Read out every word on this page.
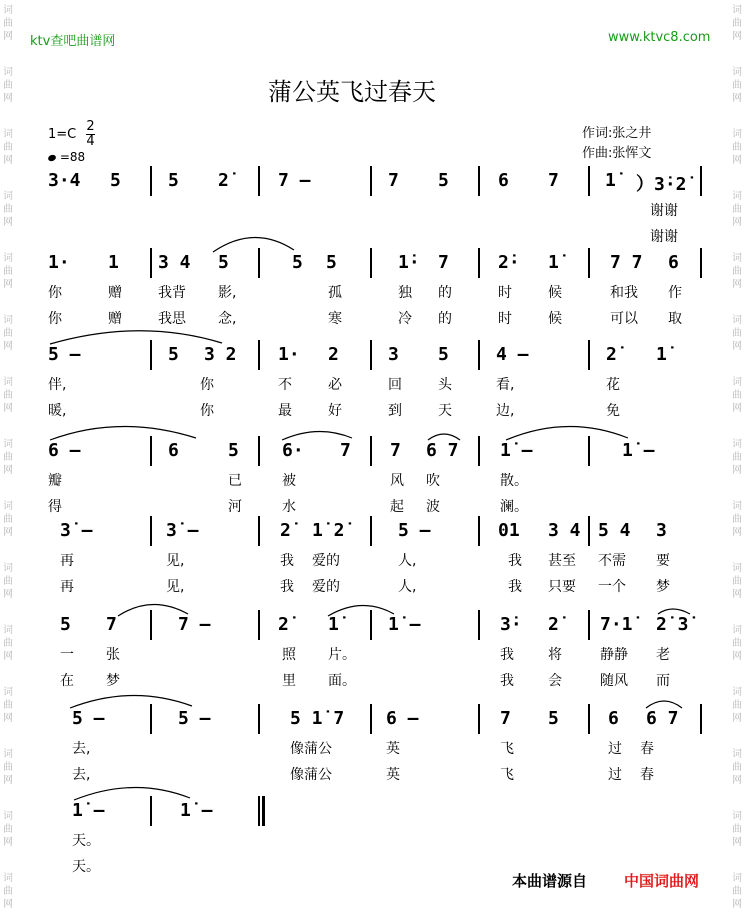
ktv查吧曲谱网	www.ktvc8.com
蒲公英飞过春天
$1=C \frac{2}{4}$
=88
作词:张之井
作曲:张恽文
词曲网
词曲网
词曲网
词曲网
词曲网
词曲网
词曲网
词曲网
词曲网
词曲网
词曲网
词曲网
词曲网
词曲网
词曲网
词曲网
词曲网
词曲网
词曲网
词曲网
词曲网
词曲网
词曲网
词曲网
词曲网
词曲网
词曲网
词曲网
词曲网
词曲网
3·4 5	5 2̇	7 –	7 5	6 7	1̇ ）3̇·2̇
谢谢
谢谢
1· 1 3 4 5	5 5	1̇· 7	2̇· 1̇	7 7 6
你	赠	我背 影,	孤	独 的	时	候	和我 作
你	赠	我思 念,	寒	冷 的	时	候	可以 取
5 –	5 3 2 1· 2	3 5	4 –	2̇ 1̇
伴,	你	不	必	回	头	看,	花
暖,	你	最	好	到	天	边,	免
6 –	6	5 6· 7 7 6 7 1̇ –	1̇ –
瓣	已	被	风 吹	散。
得	河	水	起 波	澜。
3̇ –	3̇ –	2̇ 1̇ 2̇	5 –	01 3 4 5 4 3
再	见,	我 爱的	人,	我 甚至 不需 要
再	见,	我 爱的	人,	我 只要 一个 梦
5 7	7 –	2̇ 1̇	1̇ –	3̇· 2̇ 7·1̇ 2̇ 3̇
一 张	照 片。	我 将	静静 老
在 梦	里 面。	我 会	随风 而
5 –	5 –	5 1̇ 7 6 –	7 5	6 6 7
去,	像蒲公	英	飞	过 春
去,	像蒲公	英	飞	过 春
1̇ –	1̇ –
天。
天。
本曲谱源自 中国词曲网
